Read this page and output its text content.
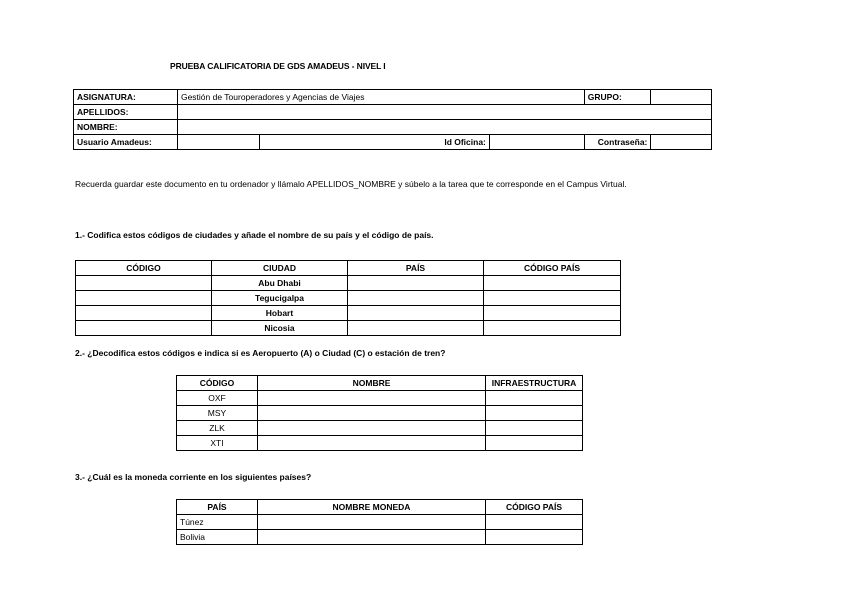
PRUEBA CALIFICATORIA DE GDS AMADEUS - NIVEL I
ASIGNATURA:	Gestión de Touroperadores y Agencias de Viajes			GRUPO:	
APELLIDOS:					
NOMBRE:					
Usuario Amadeus:		Id Oficina:		Contraseña:	
Recuerda guardar este documento en tu ordenador y llámalo APELLIDOS_NOMBRE y súbelo a la tarea que te corresponde en el Campus Virtual.
1.- Codifica estos códigos de ciudades y añade el nombre de su país y el código de país.
CÓDIGO	CIUDAD	PAÍS	CÓDIGO PAÍS
	Abu Dhabi		
	Tegucigalpa		
	Hobart		
	Nicosia		
2.- ¿Decodifica estos códigos e indica si es Aeropuerto (A) o Ciudad (C) o estación de tren?
CÓDIGO	NOMBRE	INFRAESTRUCTURA
OXF		
MSY		
ZLK		
XTI		
3.- ¿Cuál es la moneda corriente en los siguientes países?
PAÍS	NOMBRE MONEDA	CÓDIGO PAÍS
Túnez		
Bolivia		
